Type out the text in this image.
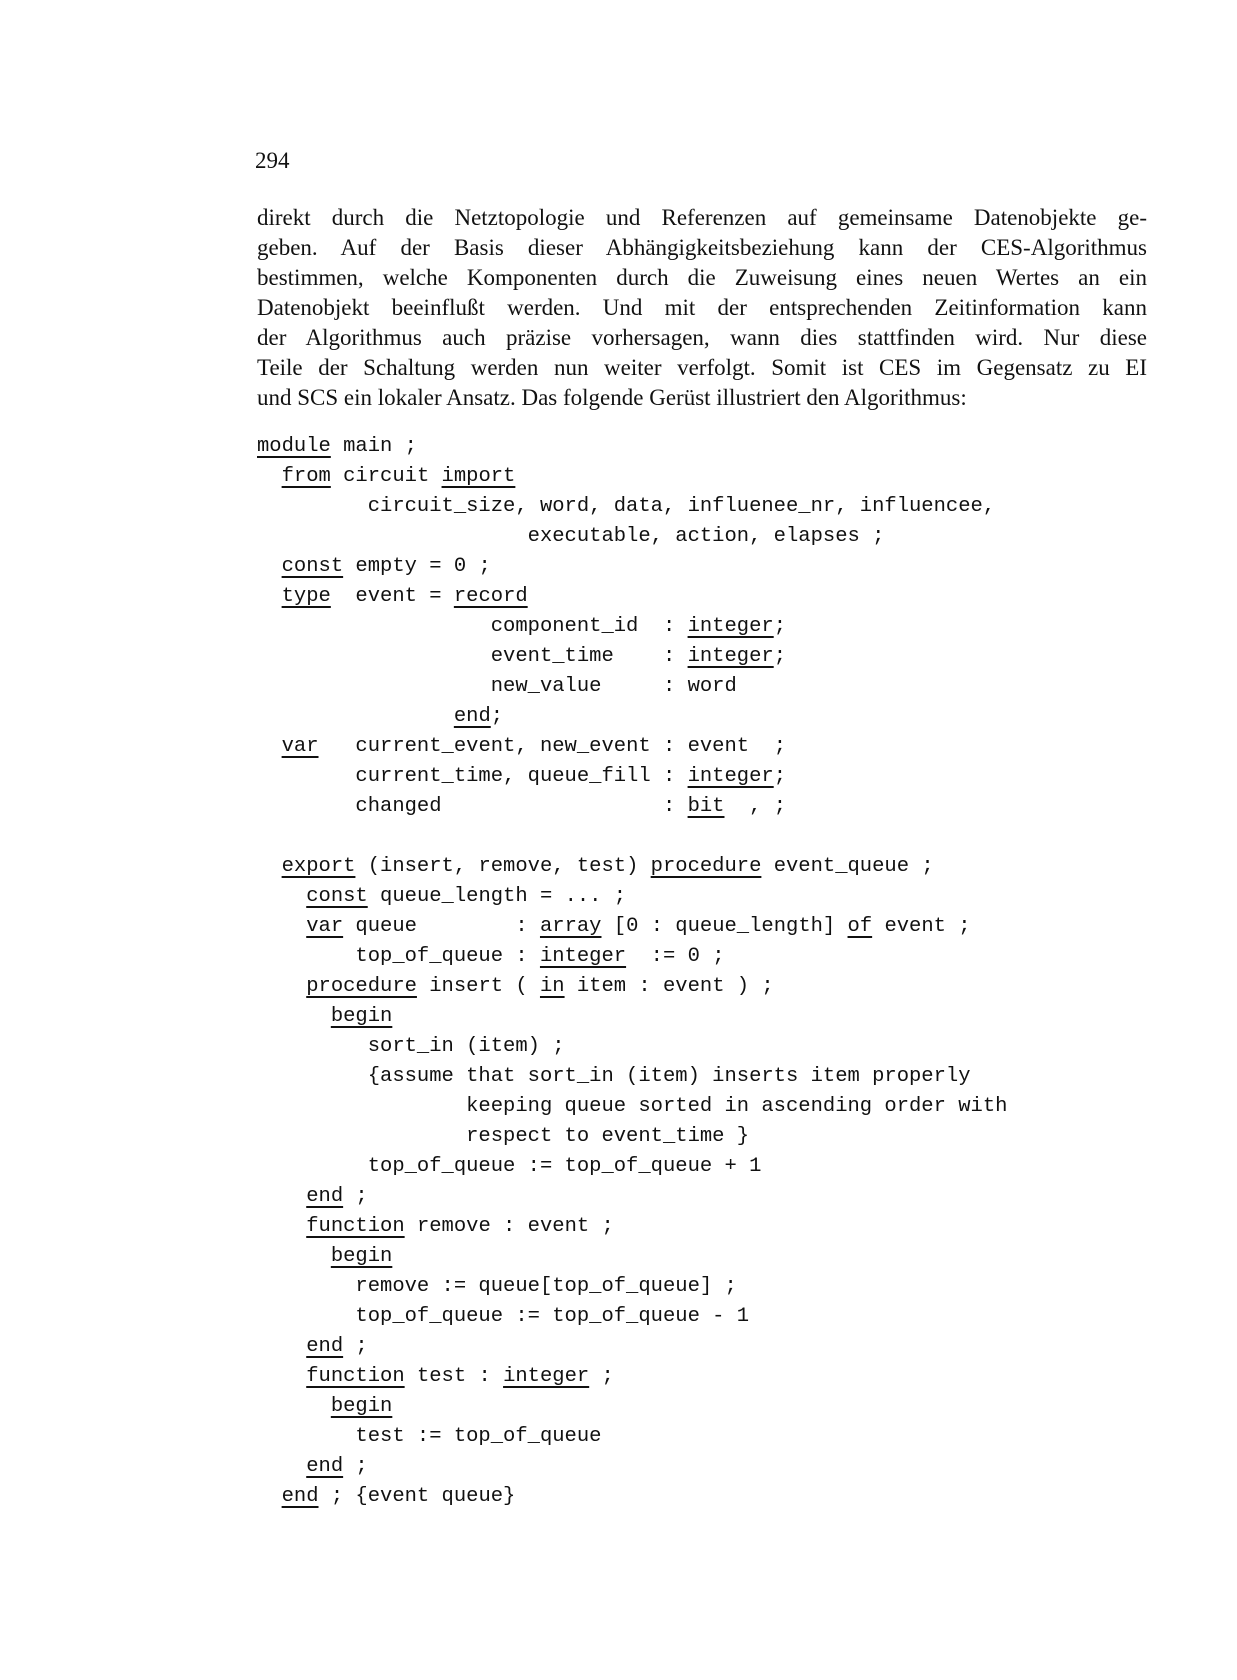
294
direkt durch die Netztopologie und Referenzen auf gemeinsame Datenobjekte ge-
geben. Auf der Basis dieser Abhängigkeitsbeziehung kann der CES-Algorithmus
bestimmen, welche Komponenten durch die Zuweisung eines neuen Wertes an ein
Datenobjekt beeinflußt werden. Und mit der entsprechenden Zeitinformation kann
der Algorithmus auch präzise vorhersagen, wann dies stattfinden wird. Nur diese
Teile der Schaltung werden nun weiter verfolgt. Somit ist CES im Gegensatz zu EI
und SCS ein lokaler Ansatz. Das folgende Gerüst illustriert den Algorithmus:
module main ;
from circuit import
circuit_size, word, data, influenee_nr, influencee,
executable, action, elapses ;
const empty = 0 ;
type  event = record
component_id  : integer;
event_time    : integer;
new_value     : word
end;
var   current_event, new_event : event  ;
current_time, queue_fill : integer;
changed                  : bit  , ;
export (insert, remove, test) procedure event_queue ;
const queue_length = ... ;
var queue        : array [0 : queue_length] of event ;
top_of_queue : integer  := 0 ;
procedure insert ( in item : event ) ;
begin
sort_in (item) ;
{assume that sort_in (item) inserts item properly
keeping queue sorted in ascending order with
respect to event_time }
top_of_queue := top_of_queue + 1
end ;
function remove : event ;
begin
remove := queue[top_of_queue] ;
top_of_queue := top_of_queue - 1
end ;
function test : integer ;
begin
test := top_of_queue
end ;
end ; {event queue}
